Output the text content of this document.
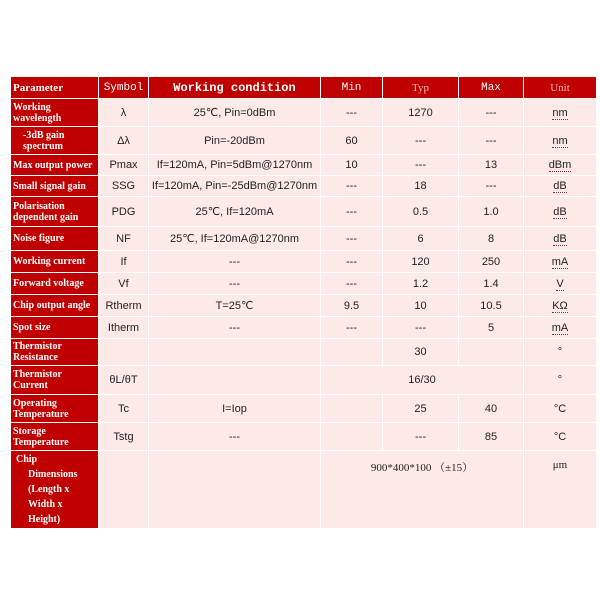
Parameter	Symbol	Working condition	Min	Typ	Max	Unit
Working wavelength	λ	25℃, Pin=0dBm	---	1270	---	nm
-3dB gain spectrum	Δλ	Pin=-20dBm	60	---	---	nm
Max output power	Pmax	If=120mA, Pin=5dBm@1270nm	10	---	13	dBm
Small signal gain	SSG	If=120mA, Pin=-25dBm@1270nm	---	18	---	dB
Polarisation dependent gain	PDG	25℃, If=120mA	---	0.5	1.0	dB
Noise figure	NF	25℃, If=120mA@1270nm	---	6	8	dB
Working current	If	---	---	120	250	mA
Forward voltage	Vf	---	---	1.2	1.4	V
Chip output angle	Rtherm	T=25℃	9.5	10	10.5	KΩ
Spot size	Itherm	---	---	---	5	mA
Thermistor Resistance				30		°
Thermistor Current	θL/θT		16/30			°
Operating Temperature	Tc	I=Iop		25	40	°C
Storage Temperature	Tstg	---		---	85	°C
Chip
Dimensions
(Length x
Width x
Height)			900*400*100 （±15）			μm
